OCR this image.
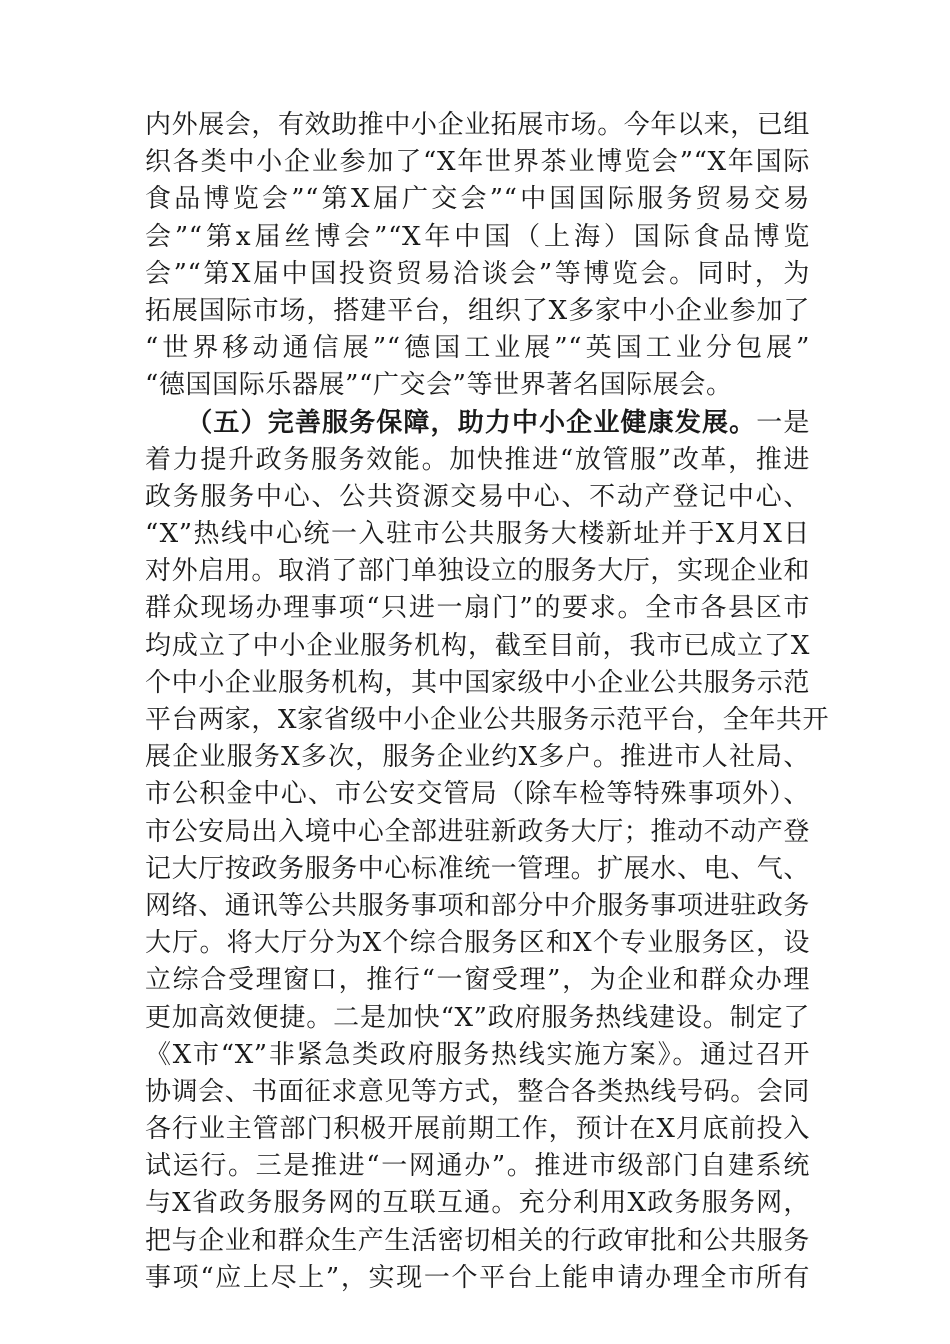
内外展会，有效助推中小企业拓展市场。今年以来，已组
织各类中小企业参加了“X年世界茶业博览会”“X年国际
食品博览会”“第X届广交会”“中国国际服务贸易交易
会”“第x届丝博会”“X年中国（上海）国际食品博览
会”“第X届中国投资贸易洽谈会”等博览会。同时，为
拓展国际市场，搭建平台，组织了X多家中小企业参加了
“世界移动通信展”“德国工业展”“英国工业分包展”
“德国国际乐器展”“广交会”等世界著名国际展会。
　　（五）完善服务保障，助力中小企业健康发展。一是
着力提升政务服务效能。加快推进“放管服”改革，推进
政务服务中心、公共资源交易中心、不动产登记中心、
“X”热线中心统一入驻市公共服务大楼新址并于X月X日
对外启用。取消了部门单独设立的服务大厅，实现企业和
群众现场办理事项“只进一扇门”的要求。全市各县区市
均成立了中小企业服务机构，截至目前，我市已成立了X
个中小企业服务机构，其中国家级中小企业公共服务示范
平台两家，X家省级中小企业公共服务示范平台，全年共开
展企业服务X多次，服务企业约X多户。推进市人社局、
市公积金中心、市公安交管局（除车检等特殊事项外）、
市公安局出入境中心全部进驻新政务大厅；推动不动产登
记大厅按政务服务中心标准统一管理。扩展水、电、气、
网络、通讯等公共服务事项和部分中介服务事项进驻政务
大厅。将大厅分为X个综合服务区和X个专业服务区，设
立综合受理窗口，推行“一窗受理”，为企业和群众办理
更加高效便捷。二是加快“X”政府服务热线建设。制定了
《X市“X”非紧急类政府服务热线实施方案》。通过召开
协调会、书面征求意见等方式，整合各类热线号码。会同
各行业主管部门积极开展前期工作，预计在X月底前投入
试运行。三是推进“一网通办”。推进市级部门自建系统
与X省政务服务网的互联互通。充分利用X政务服务网，
把与企业和群众生产生活密切相关的行政审批和公共服务
事项“应上尽上”，实现一个平台上能申请办理全市所有
